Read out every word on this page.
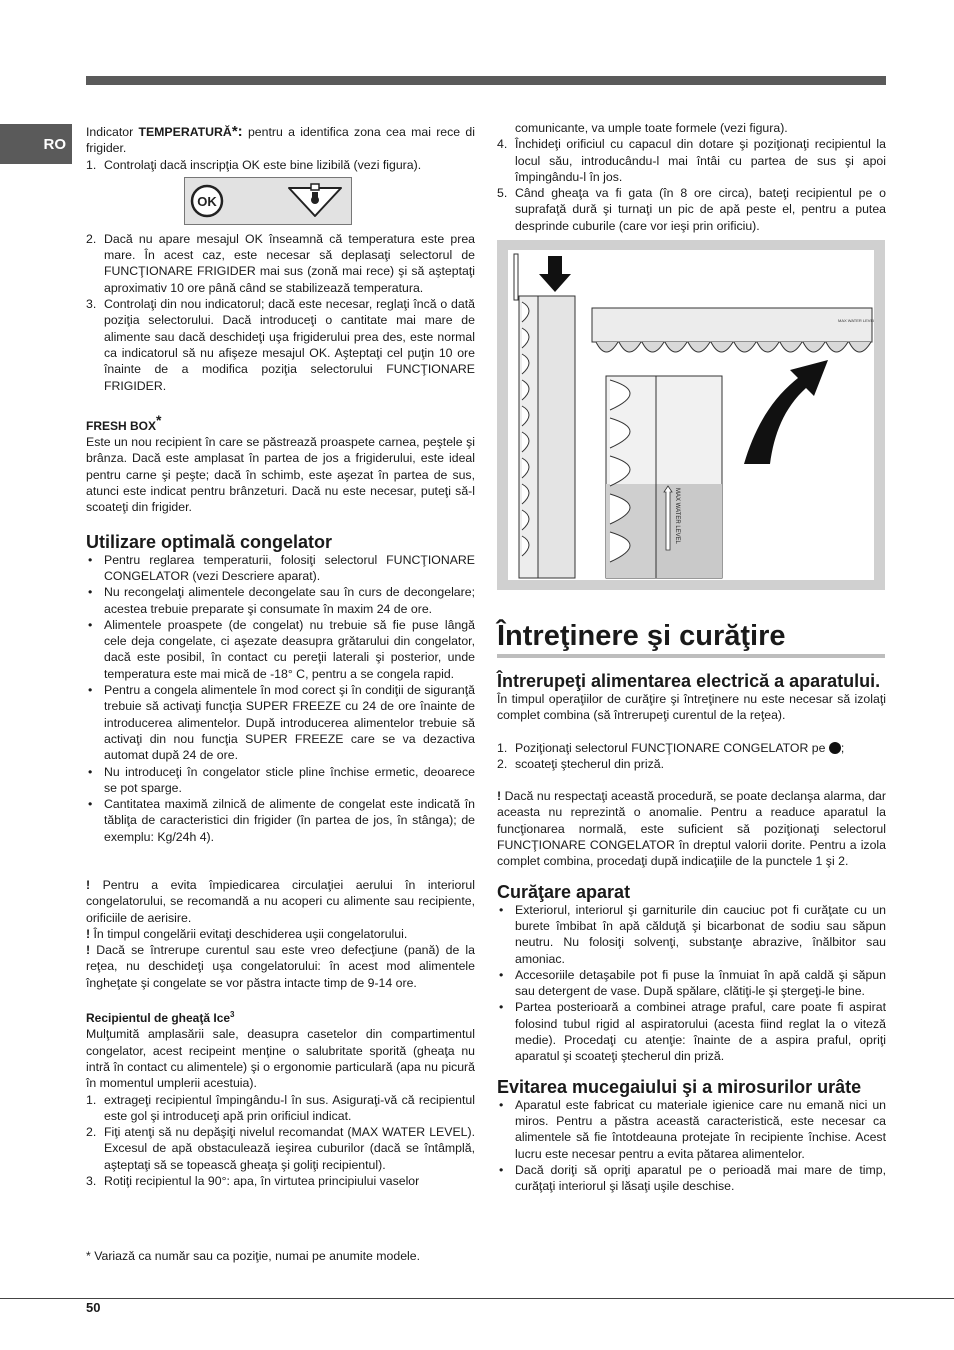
RO

Indicator TEMPERATURĂ*: pentru a identifica zona cea mai rece di frigider.

1. Controlaţi dacă inscripţia OK este bine lizibilă (vezi figura).
OK
2. Dacă nu apare mesajul OK înseamnă că temperatura este prea mare. În acest caz, este necesar să deplasaţi selectorul de FUNCŢIONARE FRIGIDER mai sus (zonă mai rece) şi să aşteptaţi aproximativ 10 ore până când se stabilizează temperatura.
3. Controlaţi din nou indicatorul; dacă este necesar, reglaţi încă o dată poziţia selectorului. Dacă introduceţi o cantitate mai mare de alimente sau dacă deschideţi uşa frigiderului prea des, este normal ca indicatorul să nu afişeze mesajul OK. Aşteptaţi cel puţin 10 ore înainte de a modifica poziţia selectorului FUNCŢIONARE FRIGIDER.
FRESH BOX*

Este un nou recipient în care se păstrează proaspete carnea, peştele şi brânza. Dacă este amplasat în partea de jos a frigiderului, este ideal pentru carne şi peşte; dacă în schimb, este aşezat în partea de sus, atunci este indicat pentru brânzeturi. Dacă nu este necesar, puteţi să-l scoateţi din frigider.

Utilizare optimală congelator
• Pentru reglarea temperaturii, folosiţi selectorul FUNCŢIONARE CONGELATOR (vezi Descriere aparat).
• Nu recongelaţi alimentele decongelate sau în curs de decongelare; acestea trebuie preparate şi consumate în maxim 24 de ore.
• Alimentele proaspete (de congelat) nu trebuie să fie puse lângă cele deja congelate, ci aşezate deasupra grătarului din congelator, dacă este posibil, în contact cu pereţii laterali şi posterior, unde temperatura este mai mică de -18° C, pentru a se congela rapid.
• Pentru a congela alimentele în mod corect şi în condiţii de siguranţă trebuie să activaţi funcţia SUPER FREEZE cu 24 de ore înainte de introducerea alimentelor. După introducerea alimentelor trebuie să activaţi din nou funcţia SUPER FREEZE care se va dezactiva automat după 24 de ore.
• Nu introduceţi în congelator sticle pline închise ermetic, deoarece se pot sparge.
• Cantitatea maximă zilnică de alimente de congelat este indicată în tăbliţa de caracteristici din frigider (în partea de jos, în stânga); de exemplu: Kg/24h 4).

! Pentru a evita împiedicarea circulaţiei aerului în interiorul congelatorului, se recomandă a nu acoperi cu alimente sau recipiente, orificiile de aerisire.

! În timpul congelării evitaţi deschiderea uşii congelatorului.

! Dacă se întrerupe curentul sau este vreo defecţiune (pană) de la reţea, nu deschideţi uşa congelatorului: în acest mod alimentele îngheţate şi congelate se vor păstra intacte timp de 9-14 ore.

Recipientul de gheaţă Ice$^3$

Mulţumită amplasării sale, deasupra casetelor din compartimentul congelator, acest recipeint menţine o salubritate sporită (gheaţa nu intră în contact cu alimentele) şi o ergonomie particulară (apa nu picură în momentul umplerii acestuia).

1. extrageţi recipientul împingându-l în sus. Asiguraţi-vă că recipientul este gol şi introduceţi apă prin orificiul indicat.
2. Fiţi atenţi să nu depăşiţi nivelul recomandat (MAX WATER LEVEL). Excesul de apă obstaculează ieşirea cuburilor (dacă se întâmplă, aşteptaţi să se topească gheaţa şi goliţi recipientul).
3. Rotiţi recipientul la 90°: apa, în virtutea principiului vaselor

comunicante, va umple toate formele (vezi figura).

4. Închideţi orificiul cu capacul din dotare şi poziţionaţi recipientul la locul său, introducându-l mai întâi cu partea de sus şi apoi împingându-l în jos.
5. Când gheaţa va fi gata (în 8 ore circa), bateţi recipientul pe o suprafaţă dură şi turnaţi un pic de apă peste el, pentru a putea desprinde cuburile (care vor ieşi prin orificiu).
MAX WATER LEVEL
MAX WATER LEVEL
Întreţinere şi curăţire
Întrerupeţi alimentarea electrică a aparatului.

În timpul operaţiilor de curăţire şi întreţinere nu este necesar să izolaţi complet combina (să întrerupeţi curentul de la reţea).

1. Poziţionaţi selectorul FUNCŢIONARE CONGELATOR pe ;
2. scoateţi ştecherul din priză.

! Dacă nu respectaţi această procedură, se poate declanşa alarma, dar aceasta nu reprezintă o anomalie. Pentru a readuce aparatul la funcţionarea normală, este suficient să poziţionaţi selectorul FUNCŢIONARE CONGELATOR în dreptul valorii dorite. Pentru a izola complet combina, procedaţi după indicaţiile de la punctele 1 şi 2.

Curăţare aparat
• Exteriorul, interiorul şi garniturile din cauciuc pot fi curăţate cu un burete îmbibat în apă călduţă şi bicarbonat de sodiu sau săpun neutru. Nu folosiţi solvenţi, substanţe abrazive, înălbitor sau amoniac.
• Accesoriile detaşabile pot fi puse la înmuiat în apă caldă şi săpun sau detergent de vase. După spălare, clătiţi-le şi ştergeţi-le bine.
• Partea posterioară a combinei atrage praful, care poate fi aspirat folosind tubul rigid al aspiratorului (acesta fiind reglat la o viteză medie). Procedaţi cu atenţie: înainte de a aspira praful, opriţi aparatul şi scoateţi ştecherul din priză.
Evitarea mucegaiului şi a mirosurilor urâte
• Aparatul este fabricat cu materiale igienice care nu emană nici un miros. Pentru a păstra această caracteristică, este necesar ca alimentele să fie întotdeauna protejate în recipiente închise. Acest lucru este necesar pentru a evita pătarea alimentelor.
• Dacă doriţi să opriţi aparatul pe o perioadă mai mare de timp, curăţaţi interiorul şi lăsaţi uşile deschise.
* Variază ca număr sau ca poziţie, numai pe anumite modele.
50
